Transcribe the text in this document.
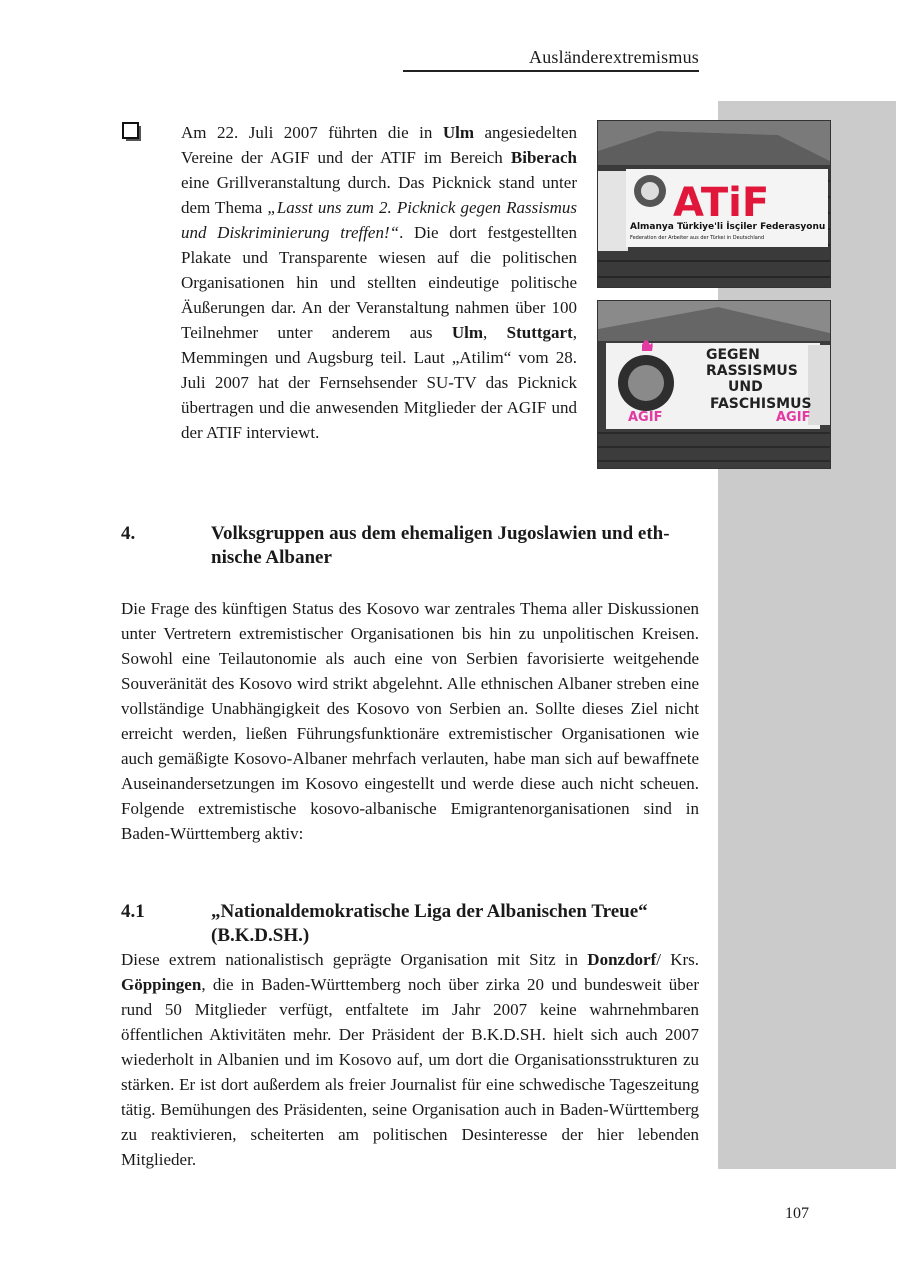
Ausländerextremismus
Am 22. Juli 2007 führten die in Ulm angesiedelten Vereine der AGIF und der ATIF im Bereich Biberach eine Grillveranstaltung durch. Das Picknick stand unter dem Thema „Lasst uns zum 2. Picknick gegen Rassismus und Diskriminierung treffen!“. Die dort festgestellten Plakate und Transparente wiesen auf die politischen Organisationen hin und stellten eindeutige politische Äußerungen dar. An der Veranstaltung nahmen über 100 Teilnehmer unter anderem aus Ulm, Stuttgart, Memmingen und Augsburg teil. Laut „Atilim“ vom 28. Juli 2007 hat der Fernsehsender SU-TV das Picknick übertragen und die anwesenden Mitglieder der AGIF und der ATIF interviewt.
ATiF
Almanya Türkiye'li İsçiler Federasyonu
Federation der Arbeiter aus der Türkei in Deutschland
GEGEN
RASSISMUS
UND
FASCHISMUS
AGIF	AGIF
4.	Volksgruppen aus dem ehemaligen Jugoslawien und ethnische Albaner
Die Frage des künftigen Status des Kosovo war zentrales Thema aller Diskussionen unter Vertretern extremistischer Organisationen bis hin zu unpolitischen Kreisen. Sowohl eine Teilautonomie als auch eine von Serbien favorisierte weitgehende Souveränität des Kosovo wird strikt abgelehnt. Alle ethnischen Albaner streben eine vollständige Unabhängigkeit des Kosovo von Serbien an. Sollte dieses Ziel nicht erreicht werden, ließen Führungsfunktionäre extremistischer Organisationen wie auch gemäßigte Kosovo-Albaner mehrfach verlauten, habe man sich auf bewaffnete Auseinandersetzungen im Kosovo eingestellt und werde diese auch nicht scheuen. Folgende extremistische kosovo-albanische Emigrantenorganisationen sind in Baden-Württemberg aktiv:
4.1	„Nationaldemokratische Liga der Albanischen Treue“ (B.K.D.SH.)
Diese extrem nationalistisch geprägte Organisation mit Sitz in Donzdorf/ Krs. Göppingen, die in Baden-Württemberg noch über zirka 20 und bundesweit über rund 50 Mitglieder verfügt, entfaltete im Jahr 2007 keine wahrnehmbaren öffentlichen Aktivitäten mehr. Der Präsident der B.K.D.SH. hielt sich auch 2007 wiederholt in Albanien und im Kosovo auf, um dort die Organisationsstrukturen zu stärken. Er ist dort außerdem als freier Journalist für eine schwedische Tageszeitung tätig. Bemühungen des Präsidenten, seine Organisation auch in Baden-Württemberg zu reaktivieren, scheiterten am politischen Desinteresse der hier lebenden Mitglieder.
107
